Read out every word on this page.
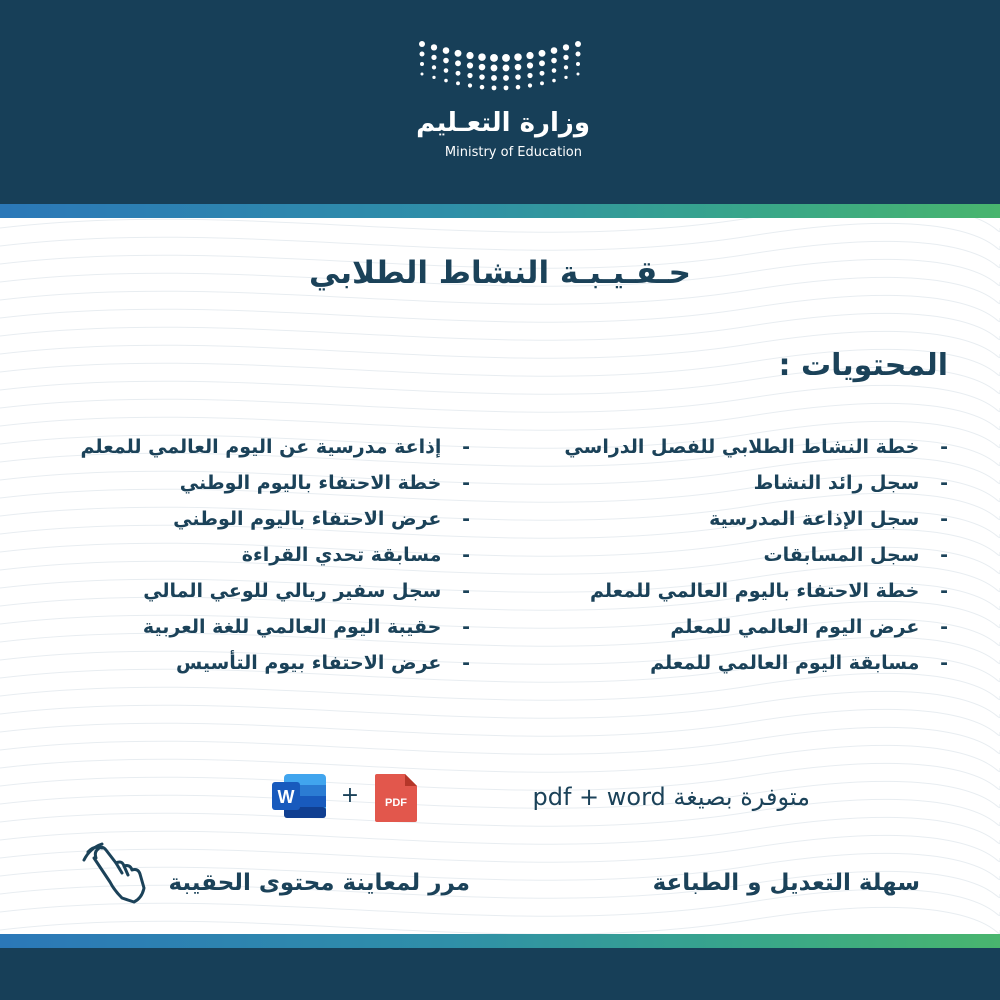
وزارة التعـليم
Ministry of Education
حـقـيـبـة النشاط الطلابي
المحتويات :
- خطة النشاط الطلابي للفصل الدراسي
- سجل رائد النشاط
- سجل الإذاعة المدرسية
- سجل المسابقات
- خطة الاحتفاء باليوم العالمي للمعلم
- عرض اليوم العالمي للمعلم
- مسابقة اليوم العالمي للمعلم
- إذاعة مدرسية عن اليوم العالمي للمعلم
- خطة الاحتفاء باليوم الوطني
- عرض الاحتفاء باليوم الوطني
- مسابقة تحدي القراءة
- سجل سفير ريالي للوعي المالي
- حقيبة اليوم العالمي للغة العربية
- عرض الاحتفاء بيوم التأسيس
W + PDF	متوفرة بصيغة pdf + word
سهلة التعديل و الطباعة
مرر لمعاينة محتوى الحقيبة
